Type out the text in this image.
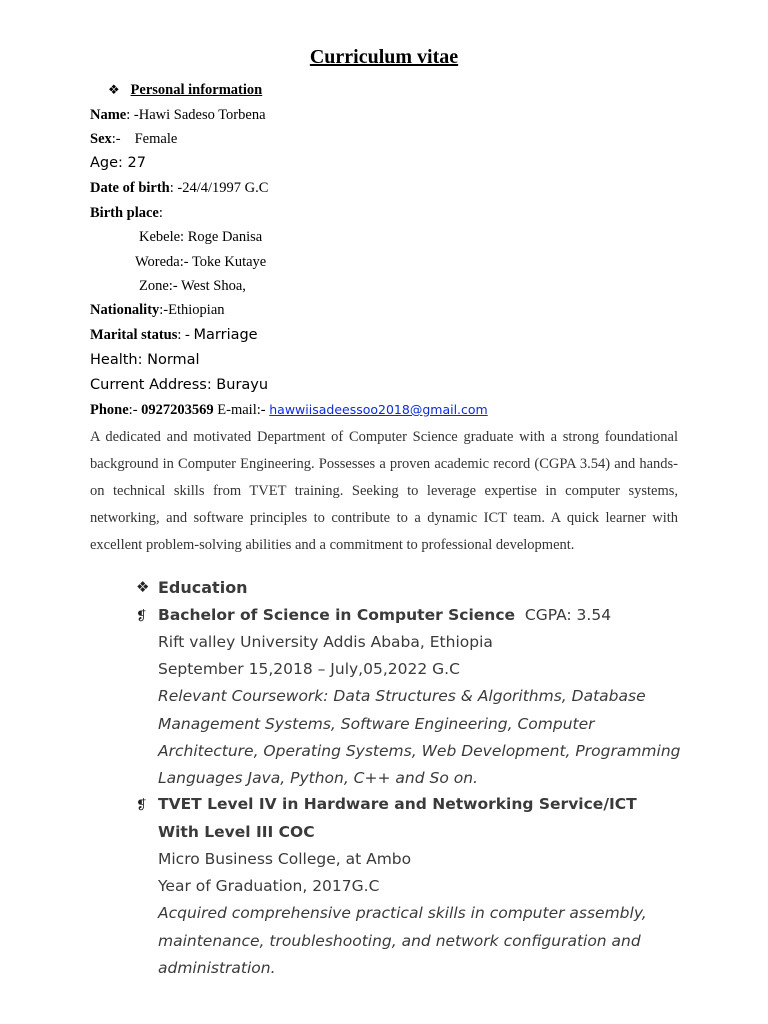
Curriculum vitae
❖ Personal information
Name: -Hawi Sadeso Torbena
Sex:- Female
Age: 27
Date of birth: -24/4/1997 G.C
Birth place:
Kebele: Roge Danisa
Woreda:- Toke Kutaye
Zone:- West Shoa,
Nationality:-Ethiopian
Marital status: - Marriage
Health: Normal
Current Address: Burayu
Phone:- 0927203569 E-mail:- hawwiisadeessoo2018@gmail.com
A dedicated and motivated Department of Computer Science graduate with a strong foundational background in Computer Engineering. Possesses a proven academic record (CGPA 3.54) and hands-on technical skills from TVET training. Seeking to leverage expertise in computer systems, networking, and software principles to contribute to a dynamic ICT team. A quick learner with excellent problem-solving abilities and a commitment to professional development.
❖ Education
❡ Bachelor of Science in Computer Science CGPA: 3.54
Rift valley University Addis Ababa, Ethiopia
September 15,2018 – July,05,2022 G.C
Relevant Coursework: Data Structures & Algorithms, Database
Management Systems, Software Engineering, Computer
Architecture, Operating Systems, Web Development, Programming
Languages Java, Python, C++ and So on.
❡ TVET Level IV in Hardware and Networking Service/ICT
With Level III COC
Micro Business College, at Ambo
Year of Graduation, 2017G.C
Acquired comprehensive practical skills in computer assembly,
maintenance, troubleshooting, and network configuration and
administration.
